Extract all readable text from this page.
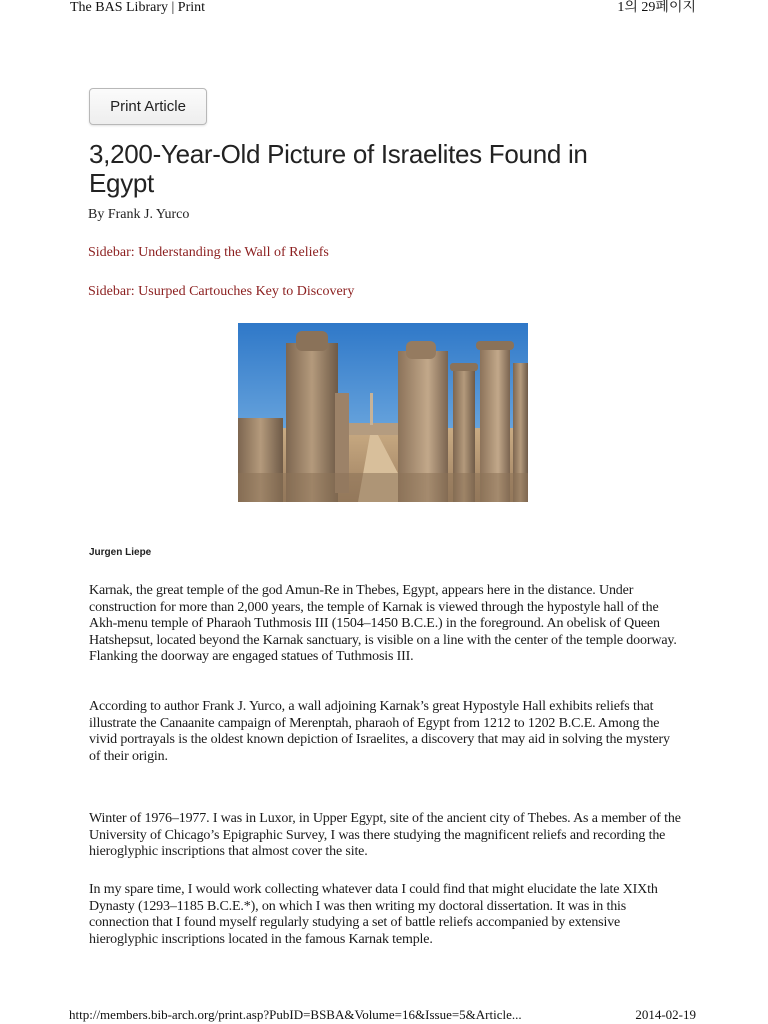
The BAS Library | Print	1의 29페이지
Print Article
3,200-Year-Old Picture of Israelites Found in Egypt
By Frank J. Yurco
Sidebar: Understanding the Wall of Reliefs
Sidebar: Usurped Cartouches Key to Discovery
Jurgen Liepe

Karnak, the great temple of the god Amun-Re in Thebes, Egypt, appears here in the distance. Under construction for more than 2,000 years, the temple of Karnak is viewed through the hypostyle hall of the Akh-menu temple of Pharaoh Tuthmosis III (1504–1450 B.C.E.) in the foreground. An obelisk of Queen Hatshepsut, located beyond the Karnak sanctuary, is visible on a line with the center of the temple doorway. Flanking the doorway are engaged statues of Tuthmosis III.

According to author Frank J. Yurco, a wall adjoining Karnak’s great Hypostyle Hall exhibits reliefs that illustrate the Canaanite campaign of Merenptah, pharaoh of Egypt from 1212 to 1202 B.C.E. Among the vivid portrayals is the oldest known depiction of Israelites, a discovery that may aid in solving the mystery of their origin.

Winter of 1976–1977. I was in Luxor, in Upper Egypt, site of the ancient city of Thebes. As a member of the University of Chicago’s Epigraphic Survey, I was there studying the magnificent reliefs and recording the hieroglyphic inscriptions that almost cover the site.

In my spare time, I would work collecting whatever data I could find that might elucidate the late XIXth Dynasty (1293–1185 B.C.E.*), on which I was then writing my doctoral dissertation. It was in this connection that I found myself regularly studying a set of battle reliefs accompanied by extensive hieroglyphic inscriptions located in the famous Karnak temple.

http://members.bib-arch.org/print.asp?PubID=BSBA&Volume=16&Issue=5&Article...	2014-02-19
